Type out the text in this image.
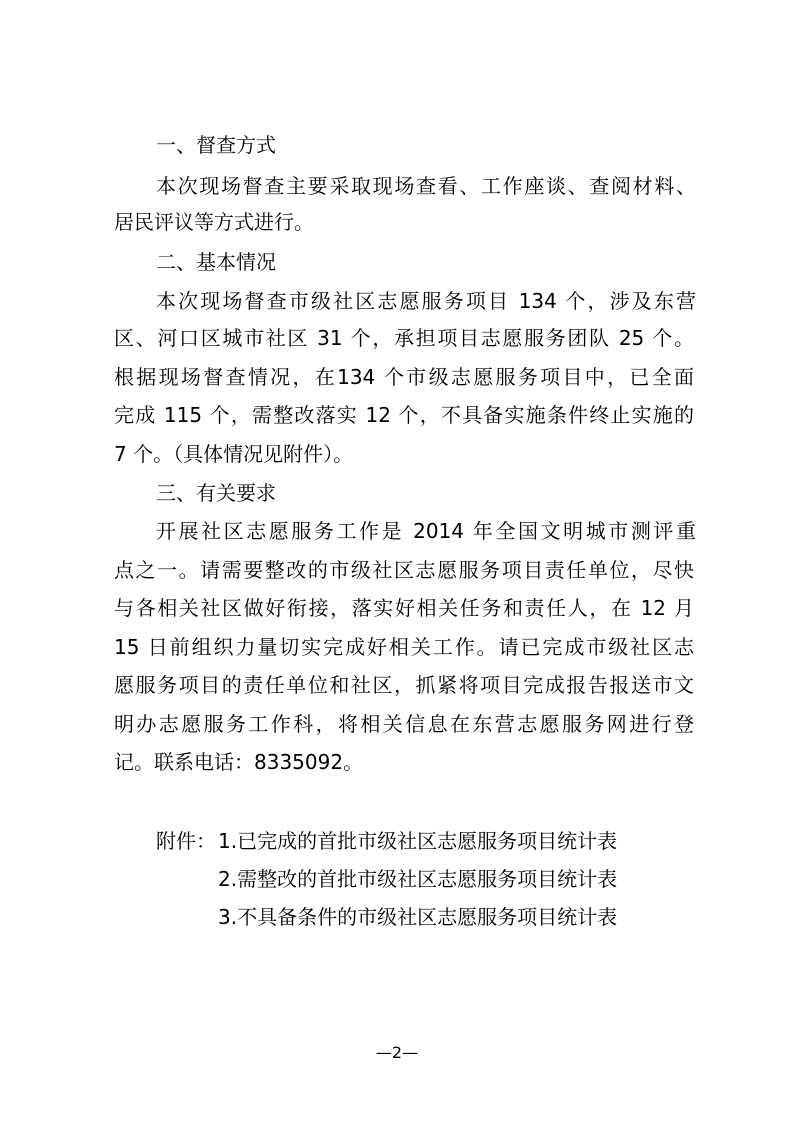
一、督查方式
本次现场督查主要采取现场查看、工作座谈、查阅材料、
居民评议等方式进行。
二、基本情况
本次现场督查市级社区志愿服务项目 134 个，涉及东营
区、河口区城市社区 31 个，承担项目志愿服务团队 25 个。
根据现场督查情况，在134 个市级志愿服务项目中，已全面
完成 115 个，需整改落实 12 个，不具备实施条件终止实施的
7 个。（具体情况见附件）。
三、有关要求
开展社区志愿服务工作是 2014 年全国文明城市测评重
点之一。请需要整改的市级社区志愿服务项目责任单位，尽快
与各相关社区做好衔接，落实好相关任务和责任人，在 12 月
15 日前组织力量切实完成好相关工作。请已完成市级社区志
愿服务项目的责任单位和社区，抓紧将项目完成报告报送市文
明办志愿服务工作科，将相关信息在东营志愿服务网进行登
记。联系电话：8335092。
附件： 1.已完成的首批市级社区志愿服务项目统计表
2.需整改的首批市级社区志愿服务项目统计表
3.不具备条件的市级社区志愿服务项目统计表
—2—
